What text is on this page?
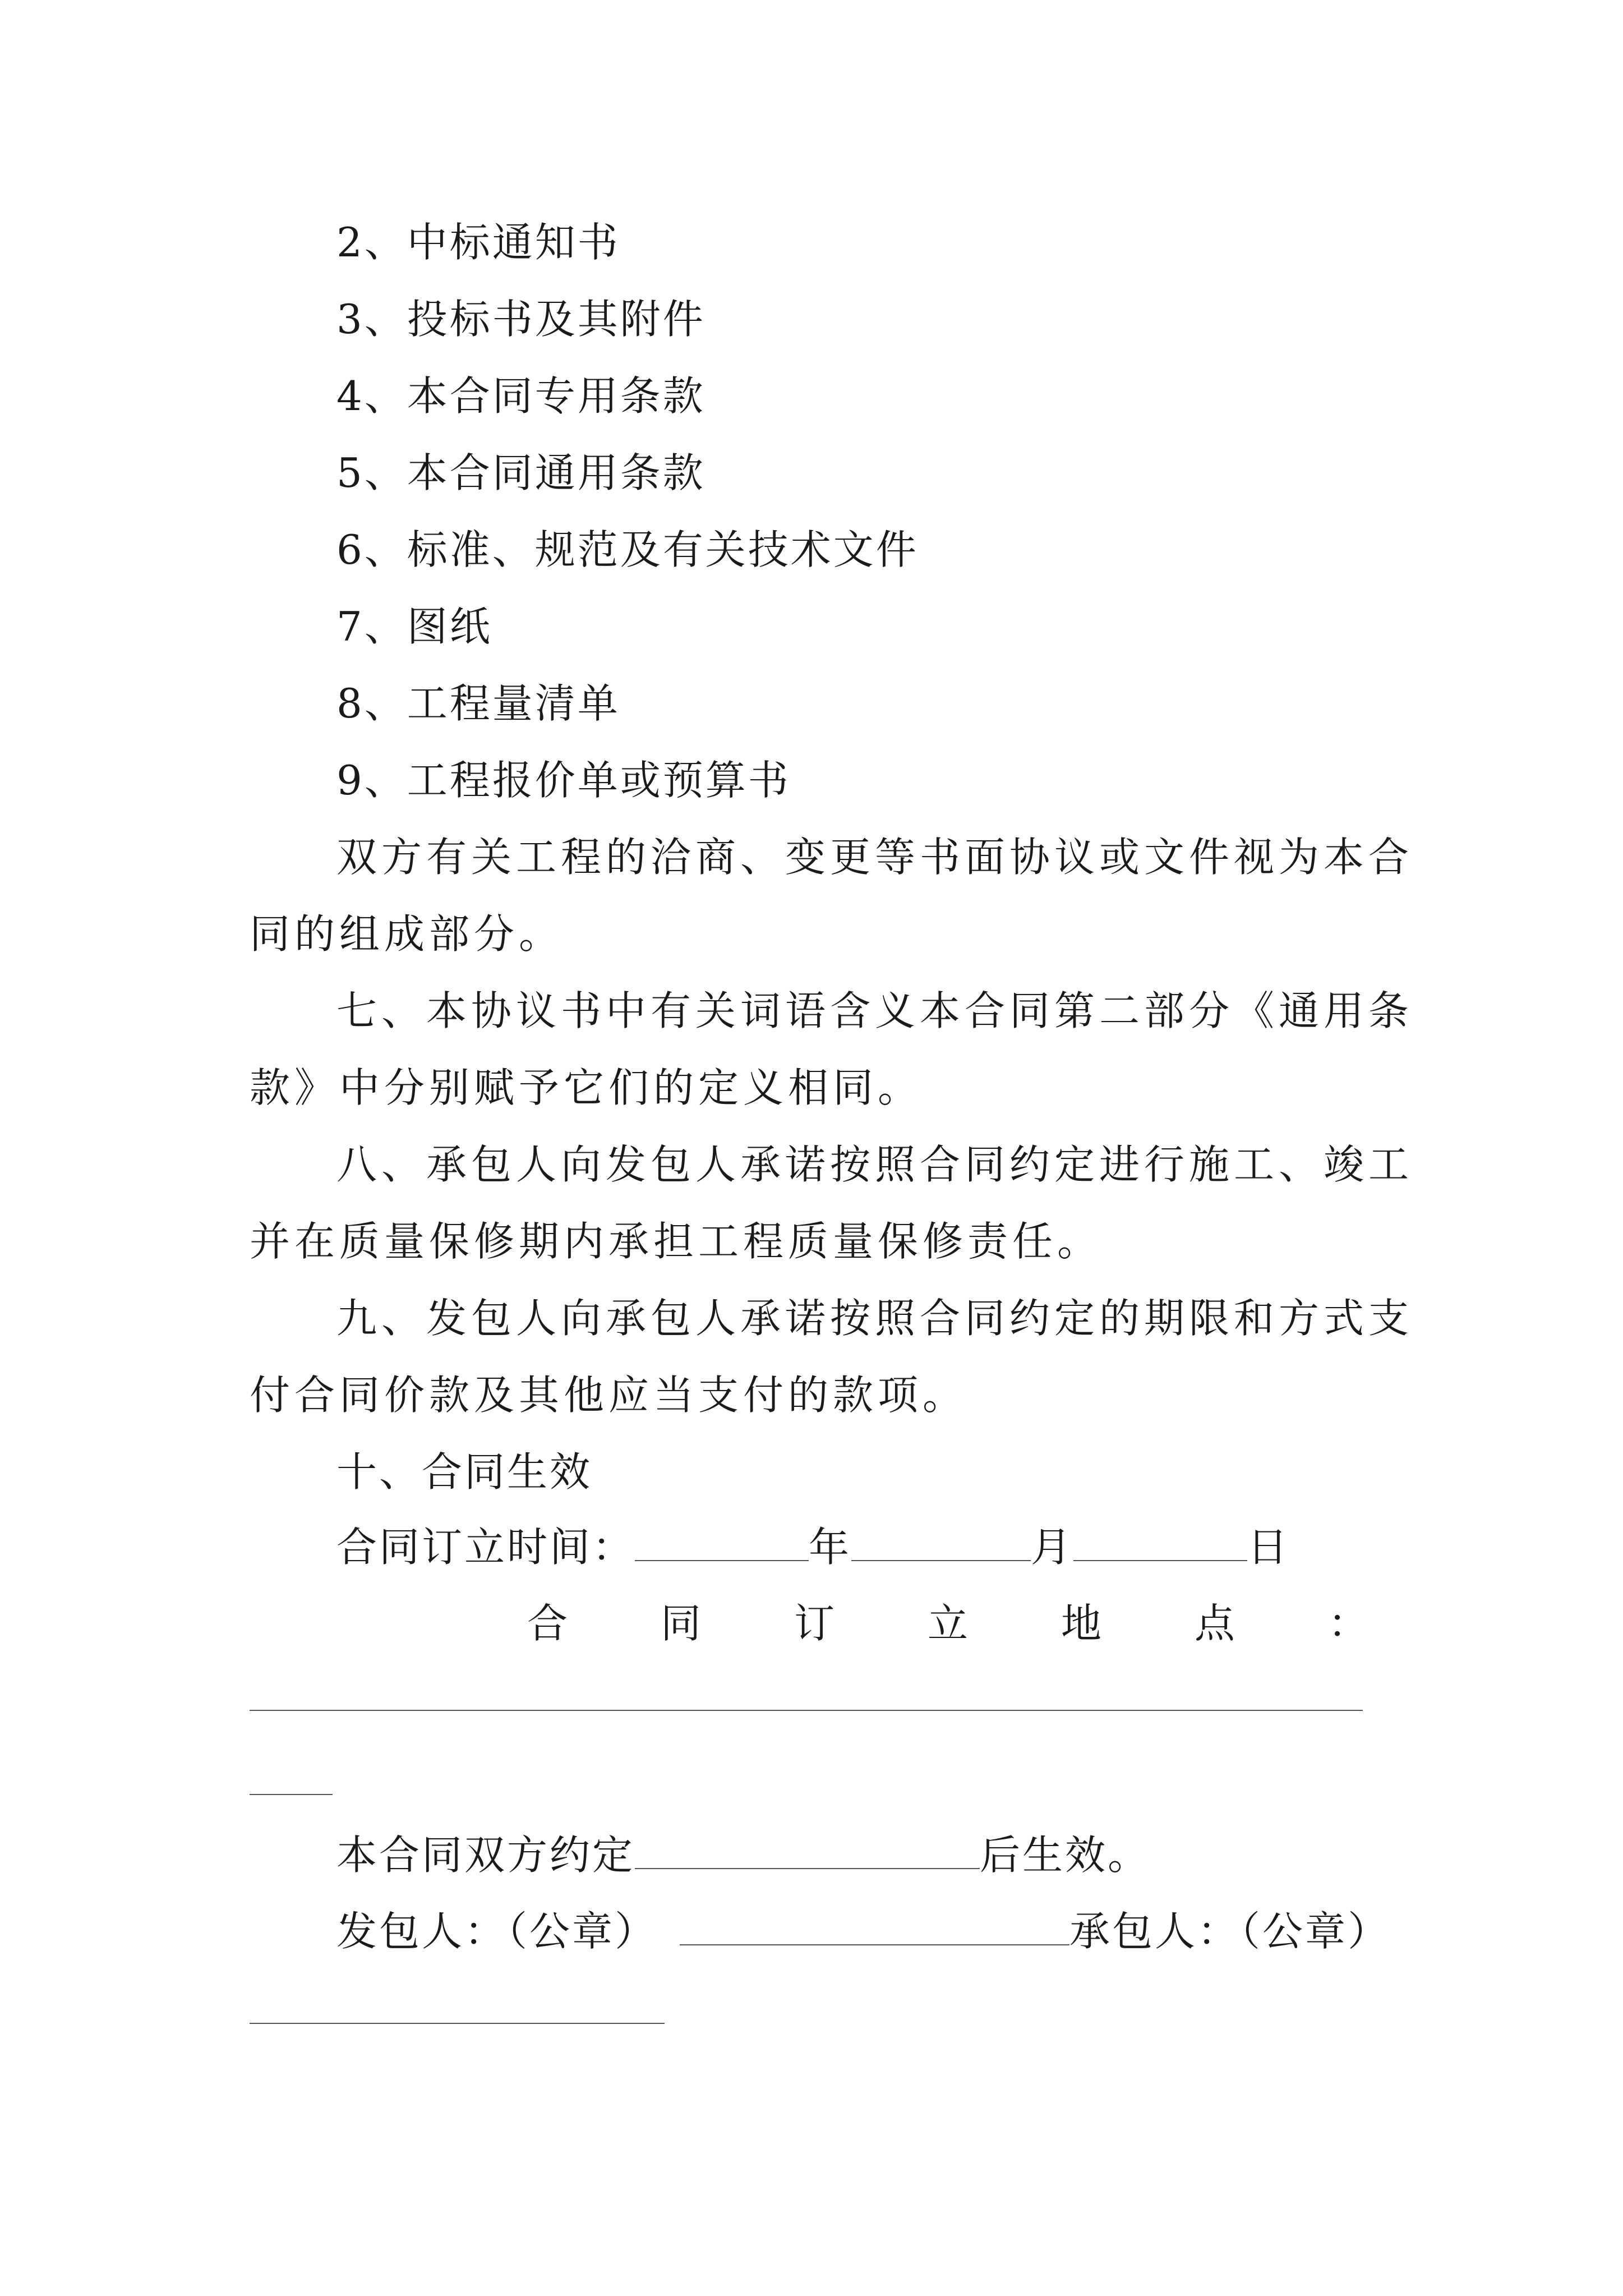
2、中标通知书
3、投标书及其附件
4、本合同专用条款
5、本合同通用条款
6、标准、规范及有关技术文件
7、图纸
8、工程量清单
9、工程报价单或预算书
双方有关工程的洽商、变更等书面协议或文件视为本合
同的组成部分。
七、本协议书中有关词语含义本合同第二部分《通用条
款》中分别赋予它们的定义相同。
八、承包人向发包人承诺按照合同约定进行施工、竣工
并在质量保修期内承担工程质量保修责任。
九、发包人向承包人承诺按照合同约定的期限和方式支
付合同价款及其他应当支付的款项。
十、合同生效
合同订立时间：	年	月	日
合 同 订 立 地 点 ：
本合同双方约定	后生效。
发包人：（公章）	承包人：（公章）
